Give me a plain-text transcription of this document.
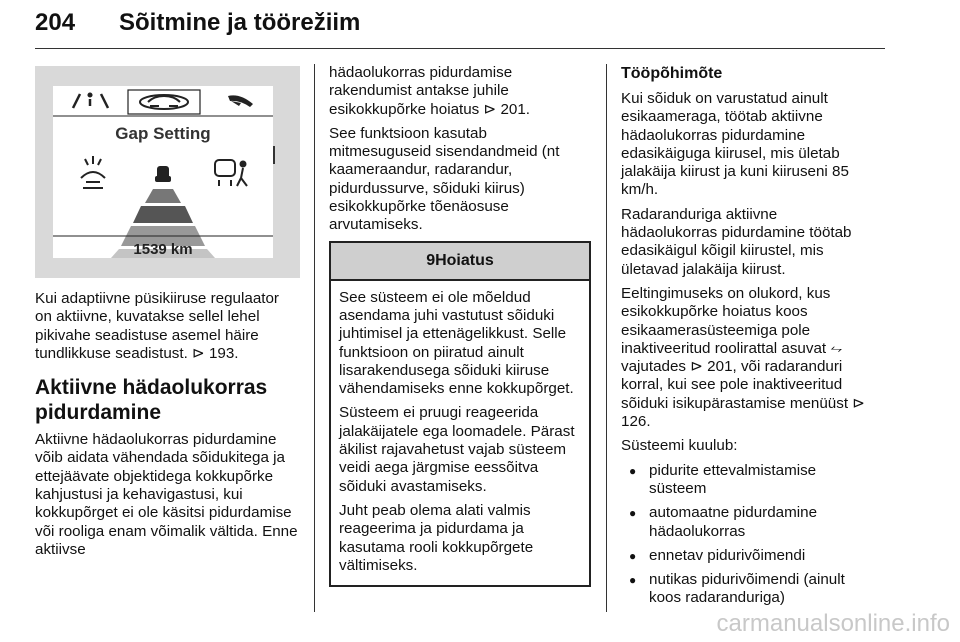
204 Sõitmine ja töörežiim
Gap Setting
1539 km

Kui adaptiivne püsikiiruse regulaator on aktiivne, kuvatakse sellel lehel pikivahe seadistuse asemel häire tundlikkuse seadistust. ⊳ 193.

Aktiivne hädaolukorras pidurdamine

Aktiivne hädaolukorras pidurdamine võib aidata vähendada sõidukitega ja ettejäävate objektidega kokkupõrke kahjustusi ja kehavigastusi, kui kokkupõrget ei ole käsitsi pidurdamise või rooliga enam võimalik vältida. Enne aktiivse

hädaolukorras pidurdamise rakendumist antakse juhile esikokkupõrke hoiatus ⊳ 201.

See funktsioon kasutab mitmesuguseid sisendandmeid (nt kaameraandur, radarandur, pidurdussurve, sõiduki kiirus) esikokkupõrke tõenäosuse arvutamiseks.

9Hoiatus

See süsteem ei ole mõeldud asendama juhi vastutust sõiduki juhtimisel ja ettenägelikkust. Selle funktsioon on piiratud ainult lisarakendusega sõiduki kiiruse vähendamiseks enne kokkupõrget.

Süsteem ei pruugi reageerida jalakäijatele ega loomadele. Pärast äkilist rajavahetust vajab süsteem veidi aega järgmise eessõitva sõiduki avastamiseks.

Juht peab olema alati valmis reageerima ja pidurdama ja kasutama rooli kokkupõrgete vältimiseks.

Tööpõhimõte

Kui sõiduk on varustatud ainult esikaameraga, töötab aktiivne hädaolukorras pidurdamine edasikäiguga kiirusel, mis ületab jalakäija kiirust ja kuni kiiruseni 85 km/h.

Radaranduriga aktiivne hädaolukorras pidurdamine töötab edasikäigul kõigil kiirustel, mis ületavad jalakäija kiirust.

Eeltingimuseks on olukord, kus esikokkupõrke hoiatus koos esikaamerasüsteemiga pole inaktiveeritud roolirattal asuvat ⥊ vajutades ⊳ 201, või radaranduri korral, kui see pole inaktiveeritud sõiduki isikupärastamise menüüst ⊳ 126.

Süsteemi kuulub:

● pidurite ettevalmistamise süsteem
● automaatne pidurdamine hädaolukorras
● ennetav pidurivõimendi
● nutikas pidurivõimendi (ainult koos radaranduriga)
carmanualsonline.info
